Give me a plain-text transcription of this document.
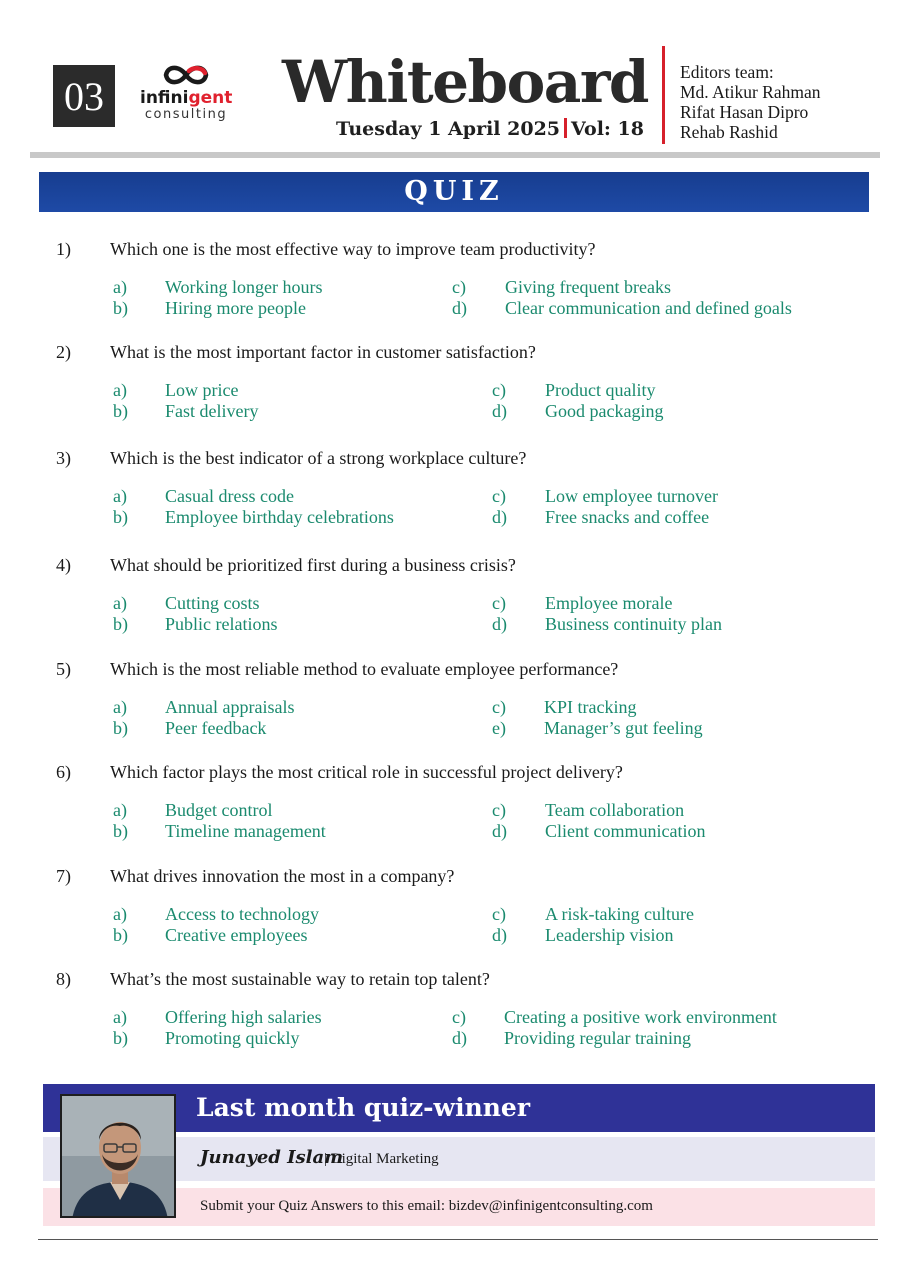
03	infinigent
consulting Whiteboard
Tuesday 1 April 2025 Vol: 18
Editors team:
Md. Atikur Rahman
Rifat Hasan Dipro
Rehab Rashid
QUIZ
1) Which one is the most effective way to improve team productivity?
a) Working longer hours
b) Hiring more people
c) Giving frequent breaks
d) Clear communication and defined goals
2) What is the most important factor in customer satisfaction?
a) Low price
b) Fast delivery
c) Product quality
d) Good packaging
3) Which is the best indicator of a strong workplace culture?
a) Casual dress code
b) Employee birthday celebrations
c) Low employee turnover
d) Free snacks and coffee
4) What should be prioritized first during a business crisis?
a) Cutting costs
b) Public relations
c) Employee morale
d) Business continuity plan
5) Which is the most reliable method to evaluate employee performance?
a) Annual appraisals
b) Peer feedback
c) KPI tracking
e) Manager’s gut feeling
6) Which factor plays the most critical role in successful project delivery?
a) Budget control
b) Timeline management
c) Team collaboration
d) Client communication
7) What drives innovation the most in a company?
a) Access to technology
b) Creative employees
c) A risk-taking culture
d) Leadership vision
8) What’s the most sustainable way to retain top talent?
a) Offering high salaries
b) Promoting quickly
c) Creating a positive work environment
d) Providing regular training
Last month quiz-winner
Junayed Islam
| Digital Marketing
Submit your Quiz Answers to this email: bizdev@infinigentconsulting.com
